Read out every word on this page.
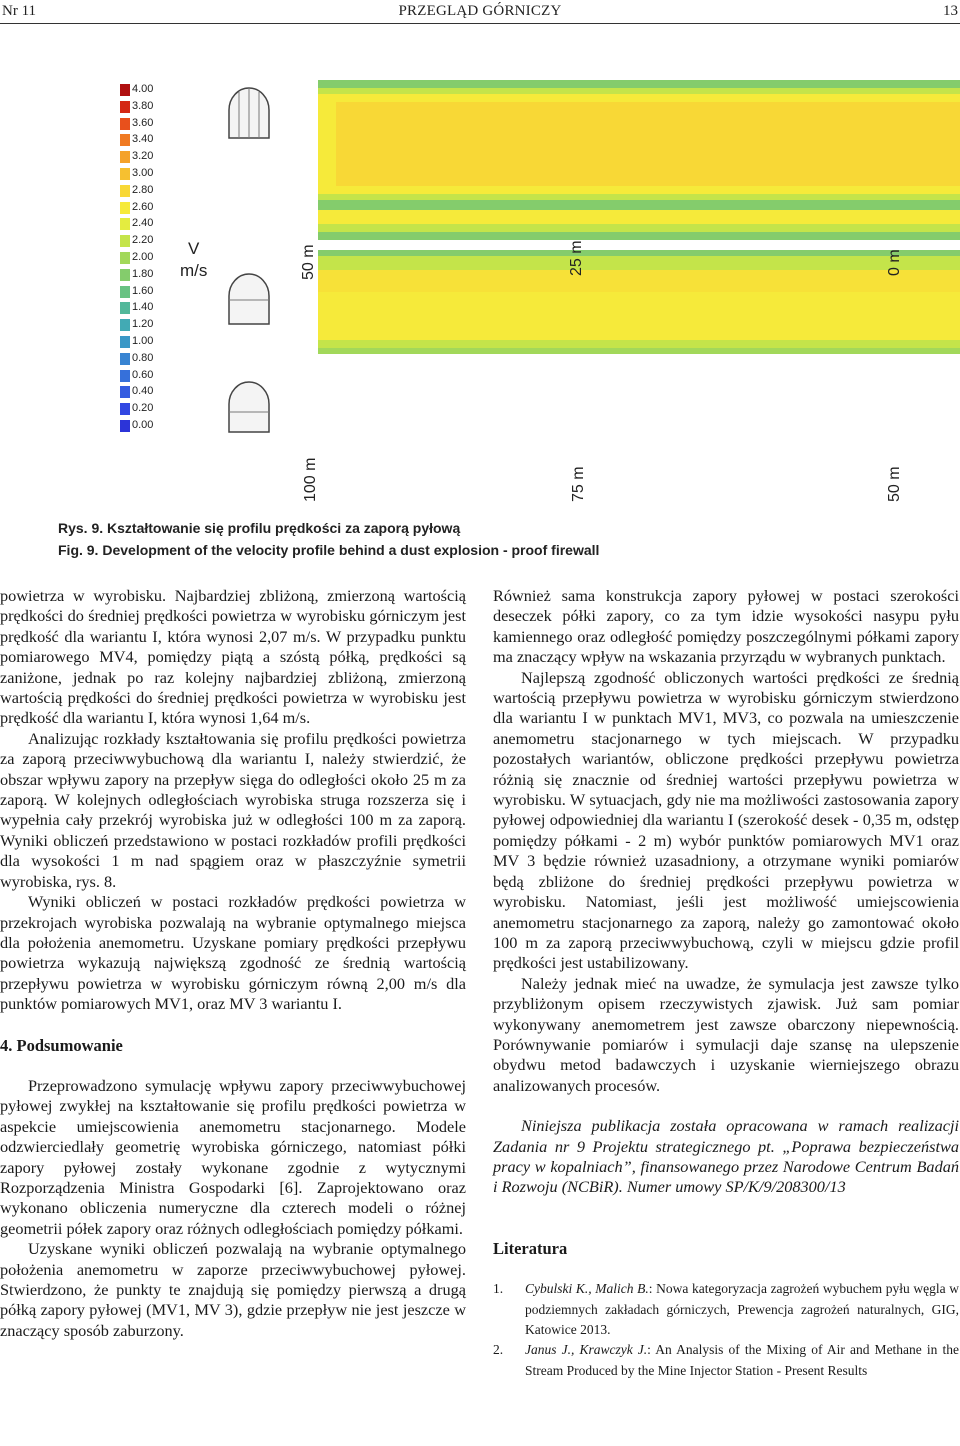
Nr 11	PRZEGLĄD GÓRNICZY	13
4.00
3.80
3.60
3.40
3.20
3.00
2.80
2.60
2.40
2.20
2.00
1.80
1.60
1.40
1.20
1.00
0.80
0.60
0.40
0.20
0.00
V
m/s	50 m	25 m	0 m
100 m	75 m	50 m
Rys. 9. Kształtowanie się profilu prędkości za zaporą pyłową
Fig. 9. Development of the velocity profile behind a dust explosion - proof firewall

powietrza w wyrobisku. Najbardziej zbliżoną, zmierzoną wartością prędkości do średniej prędkości powietrza w wyrobisku górniczym jest prędkość dla wariantu I, która wynosi 2,07 m/s. W przypadku punktu pomiarowego MV4, pomiędzy piątą a szóstą półką, prędkości są zaniżone, jednak po raz kolejny najbardziej zbliżoną, zmierzoną wartością prędkości do średniej prędkości powietrza w wyrobisku jest prędkość dla wariantu I, która wynosi 1,64 m/s.

Analizując rozkłady kształtowania się profilu prędkości powietrza za zaporą przeciwwybuchową dla wariantu I, należy stwierdzić, że obszar wpływu zapory na przepływ sięga do odległości około 25 m za zaporą. W kolejnych odległościach wyrobiska struga rozszerza się i wypełnia cały przekrój wyrobiska już w odległości 100 m za zaporą. Wyniki obliczeń przedstawiono w postaci rozkładów profili prędkości dla wysokości 1 m nad spągiem oraz w płaszczyźnie symetrii wyrobiska, rys. 8.

Wyniki obliczeń w postaci rozkładów prędkości powietrza w przekrojach wyrobiska pozwalają na wybranie optymalnego miejsca dla położenia anemometru. Uzyskane pomiary prędkości przepływu powietrza wykazują największą zgodność ze średnią wartością przepływu powietrza w wyrobisku górniczym równą 2,00 m/s dla punktów pomiarowych MV1, oraz MV 3 wariantu I.

4. Podsumowanie

Przeprowadzono symulację wpływu zapory przeciwwybuchowej pyłowej zwykłej na kształtowanie się profilu prędkości powietrza w aspekcie umiejscowienia anemometru stacjonarnego. Modele odzwierciedlały geometrię wyrobiska górniczego, natomiast półki zapory pyłowej zostały wykonane zgodnie z wytycznymi Rozporządzenia Ministra Gospodarki [6]. Zaprojektowano oraz wykonano obliczenia numeryczne dla czterech modeli o różnej geometrii półek zapory oraz różnych odległościach pomiędzy półkami.

Uzyskane wyniki obliczeń pozwalają na wybranie optymalnego położenia anemometru w zaporze przeciwwybuchowej pyłowej. Stwierdzono, że punkty te znajdują się pomiędzy pierwszą a drugą półką zapory pyłowej (MV1, MV 3), gdzie przepływ nie jest jeszcze w znaczący sposób zaburzony.

Również sama konstrukcja zapory pyłowej w postaci szerokości deseczek półki zapory, co za tym idzie wysokości nasypu pyłu kamiennego oraz odległość pomiędzy poszczególnymi półkami zapory ma znaczący wpływ na wskazania przyrządu w wybranych punktach.

Najlepszą zgodność obliczonych wartości prędkości ze średnią wartością przepływu powietrza w wyrobisku górniczym stwierdzono dla wariantu I w punktach MV1, MV3, co pozwala na umieszczenie anemometru stacjonarnego w tych miejscach. W przypadku pozostałych wariantów, obliczone prędkości przepływu powietrza różnią się znacznie od średniej wartości przepływu powietrza w wyrobisku. W sytuacjach, gdy nie ma możliwości zastosowania zapory pyłowej odpowiedniej dla wariantu I (szerokość desek - 0,35 m, odstęp pomiędzy półkami - 2 m) wybór punktów pomiarowych MV1 oraz MV 3 będzie również uzasadniony, a otrzymane wyniki pomiarów będą zbliżone do średniej prędkości przepływu powietrza w wyrobisku. Natomiast, jeśli jest możliwość umiejscowienia anemometru stacjonarnego za zaporą, należy go zamontować około 100 m za zaporą przeciwwybuchową, czyli w miejscu gdzie profil prędkości jest ustabilizowany.

Należy jednak mieć na uwadze, że symulacja jest zawsze tylko przybliżonym opisem rzeczywistych zjawisk. Już sam pomiar wykonywany anemometrem jest zawsze obarczony niepewnością. Porównywanie pomiarów i symulacji daje szansę na ulepszenie obydwu metod badawczych i uzyskanie wierniejszego obrazu analizowanych procesów.

Niniejsza publikacja została opracowana w ramach realizacji Zadania nr 9 Projektu strategicznego pt. „Poprawa bezpieczeństwa pracy w kopalniach”, finansowanego przez Narodowe Centrum Badań i Rozwoju (NCBiR). Numer umowy SP/K/9/208300/13

Literatura
1. Cybulski K., Malich B.: Nowa kategoryzacja zagrożeń wybuchem pyłu węgla w podziemnych zakładach górniczych, Prewencja zagrożeń naturalnych, GIG, Katowice 2013.
2. Janus J., Krawczyk J.: An Analysis of the Mixing of Air and Methane in the Stream Produced by the Mine Injector Station - Present Results
